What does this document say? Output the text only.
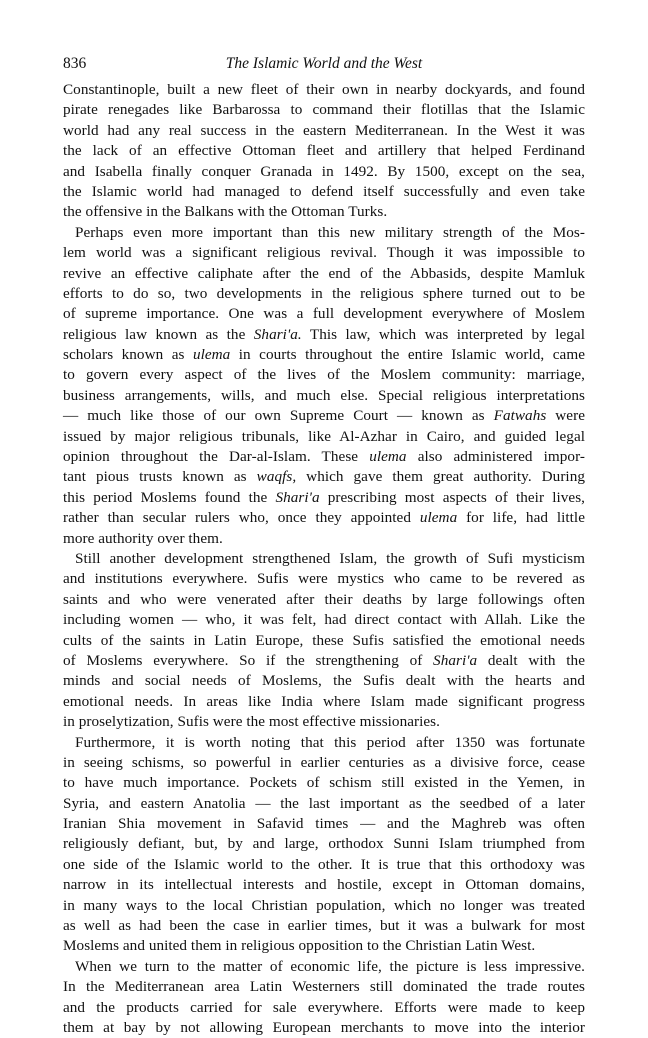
836	The Islamic World and the West
Constantinople, built a new fleet of their own in nearby dockyards, and found
pirate renegades like Barbarossa to command their flotillas that the Islamic
world had any real success in the eastern Mediterranean. In the West it was
the lack of an effective Ottoman fleet and artillery that helped Ferdinand
and Isabella finally conquer Granada in 1492. By 1500, except on the sea,
the Islamic world had managed to defend itself successfully and even take
the offensive in the Balkans with the Ottoman Turks.
Perhaps even more important than this new military strength of the Mos-
lem world was a significant religious revival. Though it was impossible to
revive an effective caliphate after the end of the Abbasids, despite Mamluk
efforts to do so, two developments in the religious sphere turned out to be
of supreme importance. One was a full development everywhere of Moslem
religious law known as the Shari'a. This law, which was interpreted by legal
scholars known as ulema in courts throughout the entire Islamic world, came
to govern every aspect of the lives of the Moslem community: marriage,
business arrangements, wills, and much else. Special religious interpretations
— much like those of our own Supreme Court — known as Fatwahs were
issued by major religious tribunals, like Al-Azhar in Cairo, and guided legal
opinion throughout the Dar-al-Islam. These ulema also administered impor-
tant pious trusts known as waqfs, which gave them great authority. During
this period Moslems found the Shari'a prescribing most aspects of their lives,
rather than secular rulers who, once they appointed ulema for life, had little
more authority over them.
Still another development strengthened Islam, the growth of Sufi mysticism
and institutions everywhere. Sufis were mystics who came to be revered as
saints and who were venerated after their deaths by large followings often
including women — who, it was felt, had direct contact with Allah. Like the
cults of the saints in Latin Europe, these Sufis satisfied the emotional needs
of Moslems everywhere. So if the strengthening of Shari'a dealt with the
minds and social needs of Moslems, the Sufis dealt with the hearts and
emotional needs. In areas like India where Islam made significant progress
in proselytization, Sufis were the most effective missionaries.
Furthermore, it is worth noting that this period after 1350 was fortunate
in seeing schisms, so powerful in earlier centuries as a divisive force, cease
to have much importance. Pockets of schism still existed in the Yemen, in
Syria, and eastern Anatolia — the last important as the seedbed of a later
Iranian Shia movement in Safavid times — and the Maghreb was often
religiously defiant, but, by and large, orthodox Sunni Islam triumphed from
one side of the Islamic world to the other. It is true that this orthodoxy was
narrow in its intellectual interests and hostile, except in Ottoman domains,
in many ways to the local Christian population, which no longer was treated
as well as had been the case in earlier times, but it was a bulwark for most
Moslems and united them in religious opposition to the Christian Latin West.
When we turn to the matter of economic life, the picture is less impressive.
In the Mediterranean area Latin Westerners still dominated the trade routes
and the products carried for sale everywhere. Efforts were made to keep
them at bay by not allowing European merchants to move into the interior
